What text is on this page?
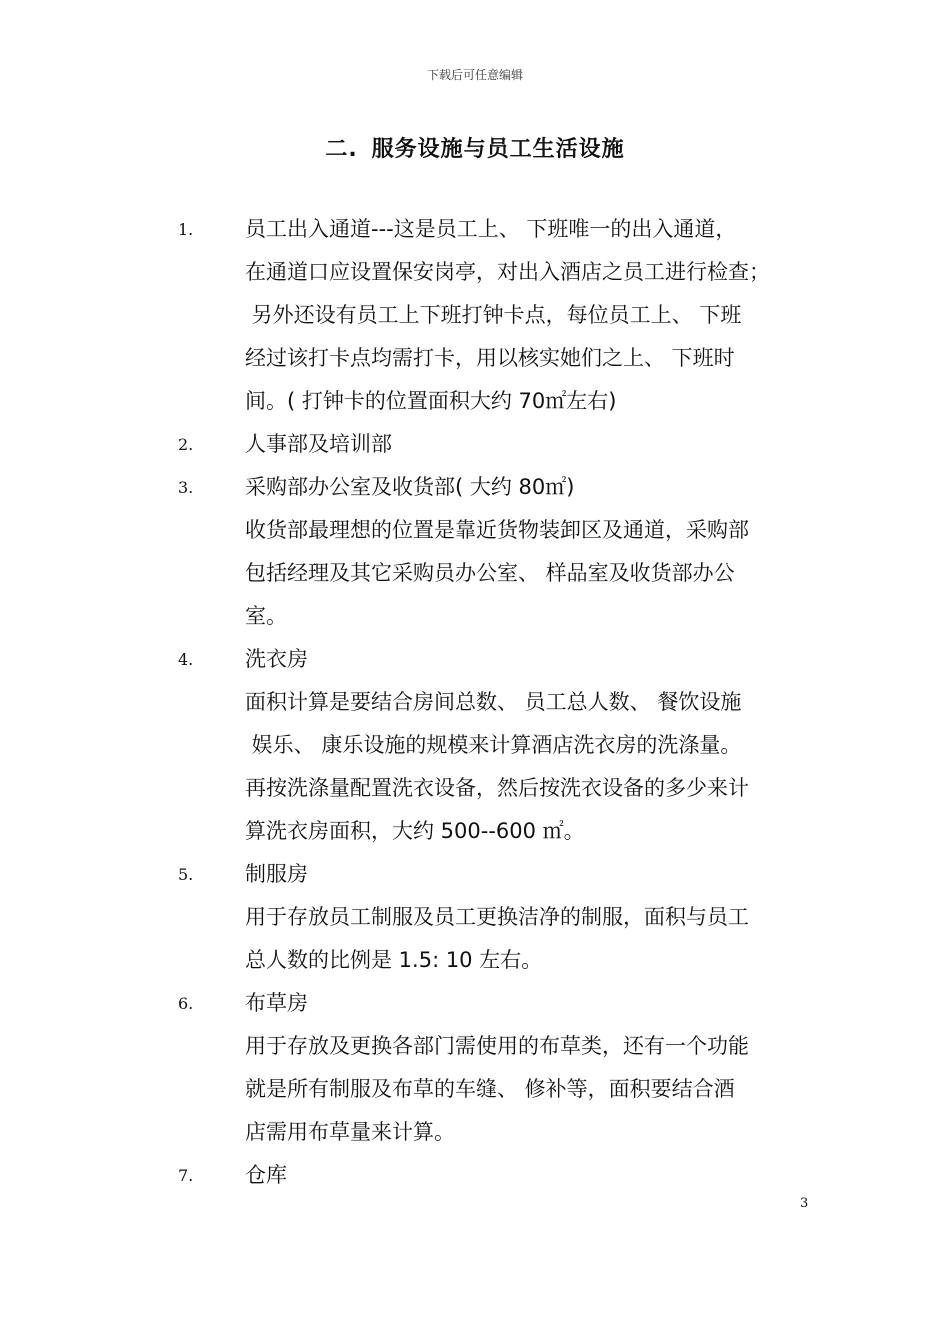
下载后可任意编辑
二. 服务设施与员工生活设施
1.	员工出入通道---这是员工上、 下班唯一的出入通道，
在通道口应设置保安岗亭，对出入酒店之员工进行检查；
另外还设有员工上下班打钟卡点，每位员工上、 下班
经过该打卡点均需打卡，用以核实她们之上、 下班时
间。( 打钟卡的位置面积大约 70㎡左右)
2.	人事部及培训部
3.	采购部办公室及收货部( 大约 80㎡)
收货部最理想的位置是靠近货物装卸区及通道，采购部
包括经理及其它采购员办公室、 样品室及收货部办公
室。
4.	洗衣房
面积计算是要结合房间总数、 员工总人数、 餐饮设施
娱乐、 康乐设施的规模来计算酒店洗衣房的洗涤量。
再按洗涤量配置洗衣设备，然后按洗衣设备的多少来计
算洗衣房面积，大约 500--600 ㎡。
5.	制服房
用于存放员工制服及员工更换洁净的制服，面积与员工
总人数的比例是 1.5: 10 左右。
6.	布草房
用于存放及更换各部门需使用的布草类，还有一个功能
就是所有制服及布草的车缝、 修补等，面积要结合酒
店需用布草量来计算。
7.	仓库
3
